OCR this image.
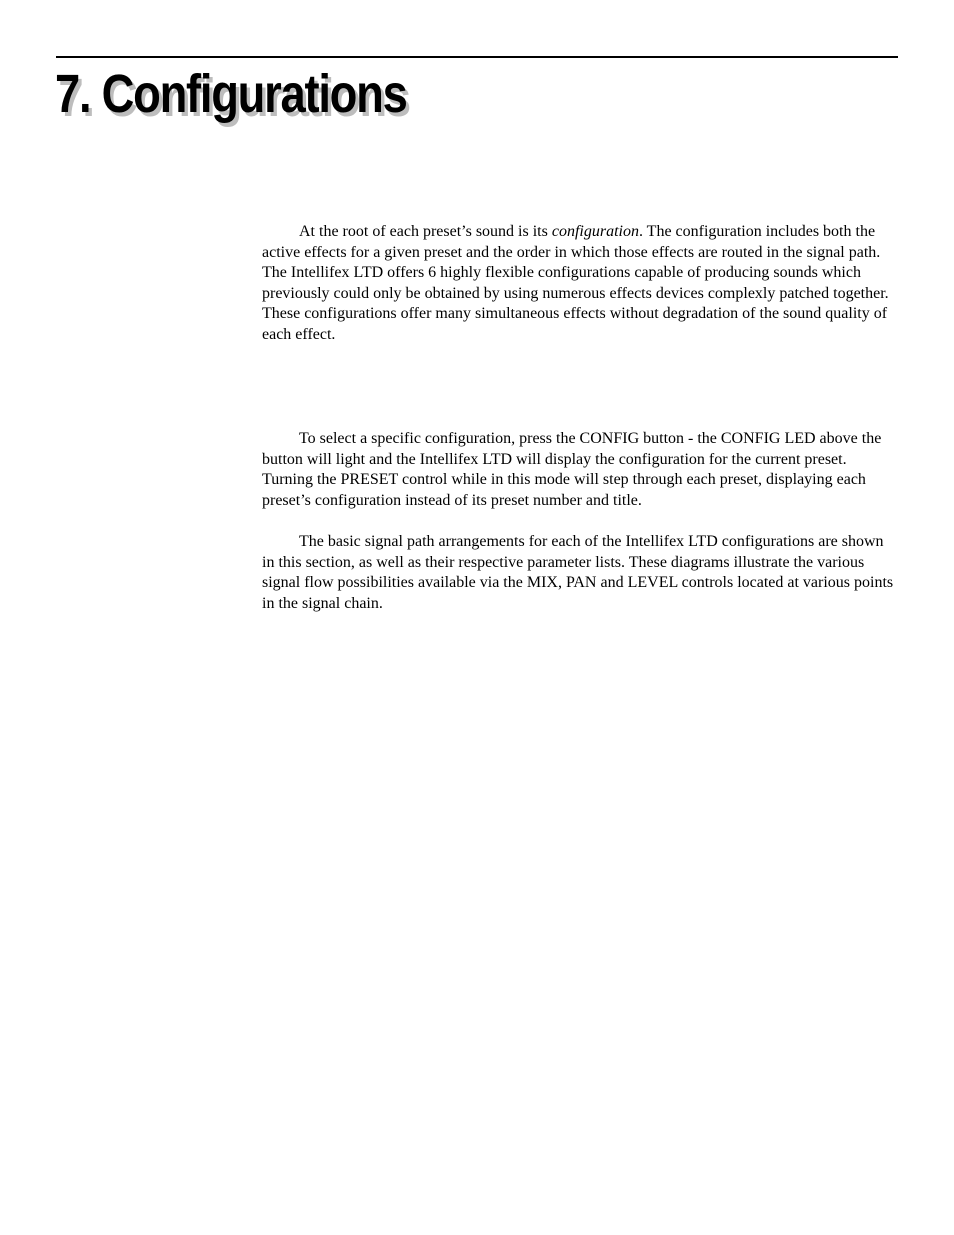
7. Configurations

At the root of each preset’s sound is its configuration. The configuration includes both the active effects for a given preset and the order in which those effects are routed in the signal path. The Intellifex LTD offers 6 highly flexible configurations capable of producing sounds which previously could only be obtained by using numerous effects devices complexly patched together. These configurations offer many simultaneous effects without degradation of the sound quality of each effect.

To select a specific configuration, press the CONFIG button - the CONFIG LED above the button will light and the Intellifex LTD will display the configuration for the current preset. Turning the PRESET control while in this mode will step through each preset, displaying each preset’s configuration instead of its preset number and title.

The basic signal path arrangements for each of the Intellifex LTD configurations are shown in this section, as well as their respective parameter lists. These diagrams illustrate the various signal flow possibilities available via the MIX, PAN and LEVEL controls located at various points in the signal chain.
